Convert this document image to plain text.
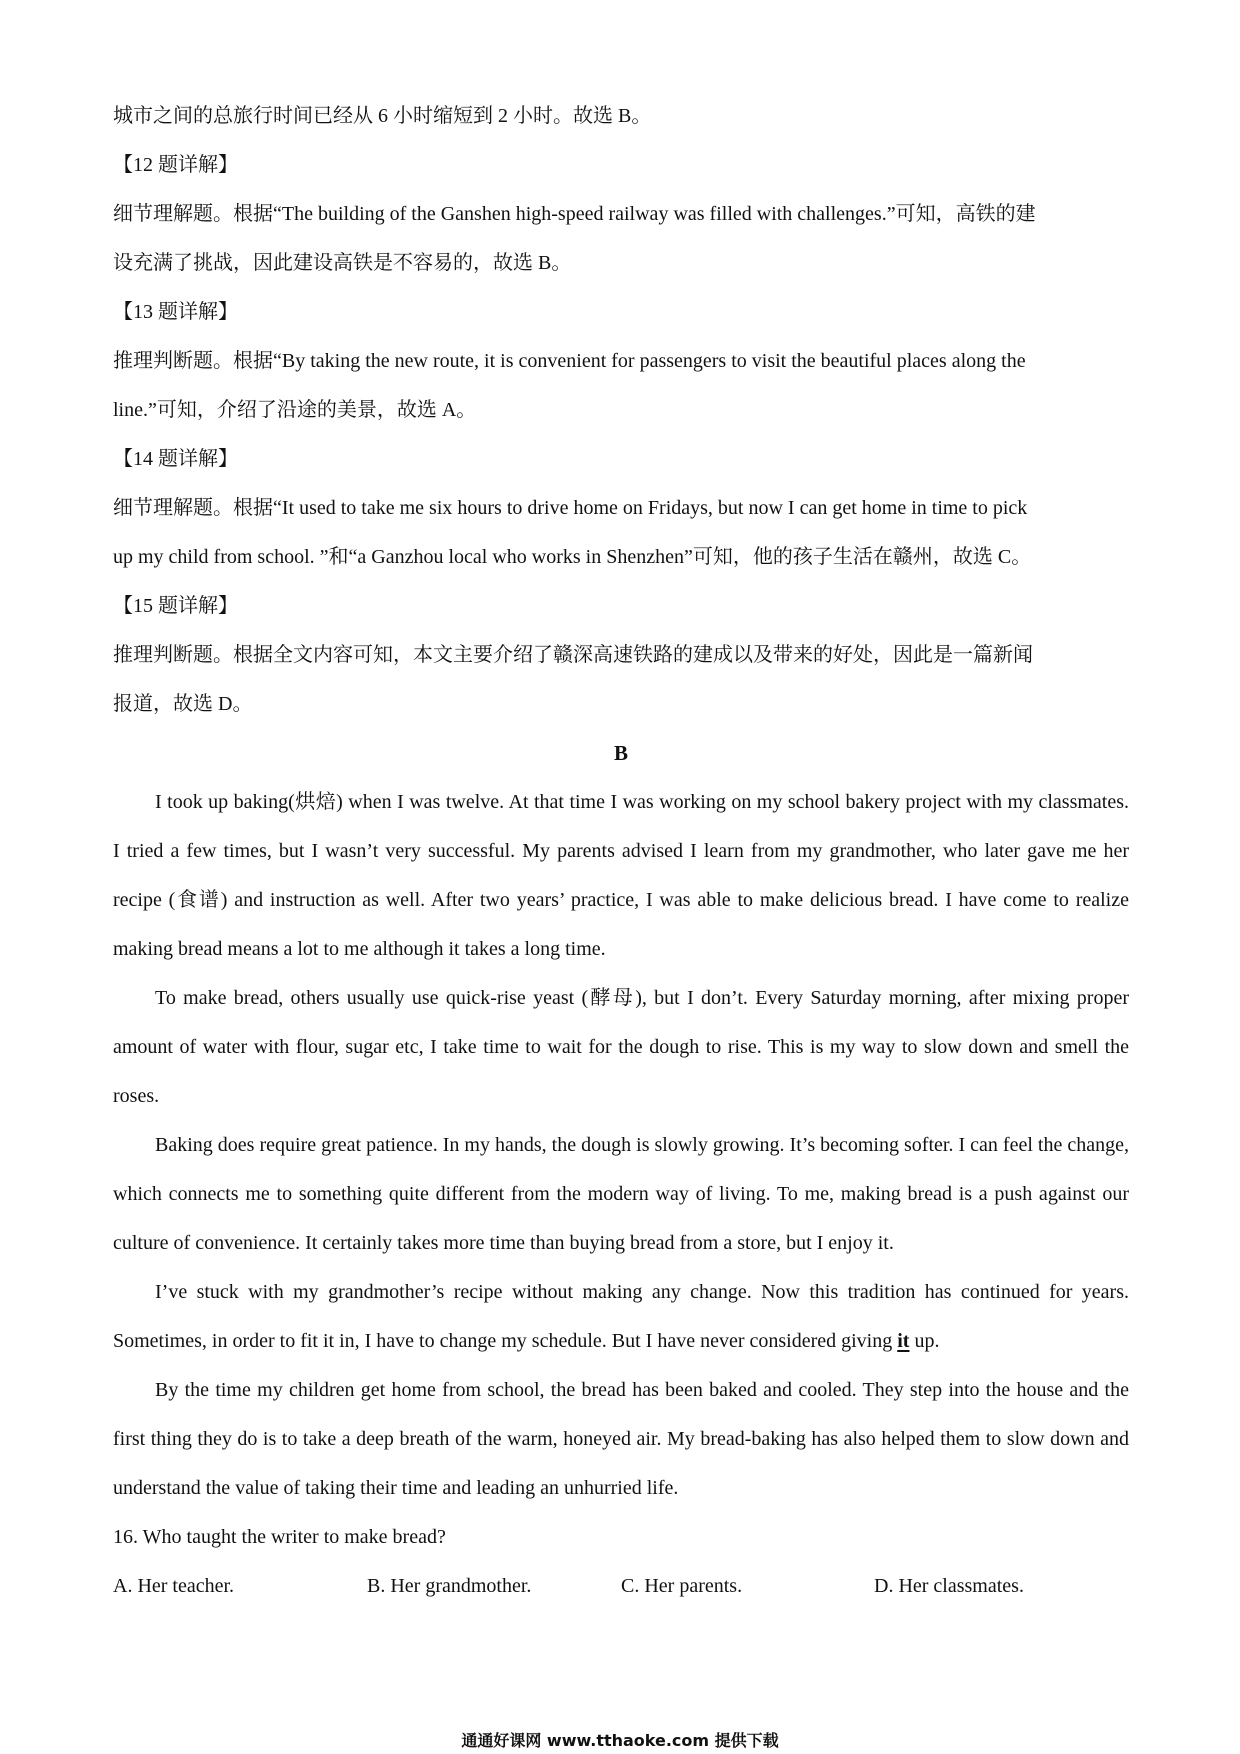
城市之间的总旅行时间已经从 6 小时缩短到 2 小时。故选 B。

【12 题详解】

细节理解题。根据“The building of the Ganshen high-speed railway was filled with challenges.”可知，高铁的建

设充满了挑战，因此建设高铁是不容易的，故选 B。

【13 题详解】

推理判断题。根据“By taking the new route, it is convenient for passengers to visit the beautiful places along the

line.”可知，介绍了沿途的美景，故选 A。

【14 题详解】

细节理解题。根据“It used to take me six hours to drive home on Fridays, but now I can get home in time to pick

up my child from school. ”和“a Ganzhou local who works in Shenzhen”可知，他的孩子生活在赣州，故选 C。

【15 题详解】

推理判断题。根据全文内容可知，本文主要介绍了赣深高速铁路的建成以及带来的好处，因此是一篇新闻

报道，故选 D。

B

I took up baking(烘焙) when I was twelve. At that time I was working on my school bakery project with my classmates. I tried a few times, but I wasn’t very successful. My parents advised I learn from my grandmother, who later gave me her recipe (食谱) and instruction as well. After two years’ practice, I was able to make delicious bread. I have come to realize making bread means a lot to me although it takes a long time.

To make bread, others usually use quick-rise yeast (酵母), but I don’t. Every Saturday morning, after mixing proper amount of water with flour, sugar etc, I take time to wait for the dough to rise. This is my way to slow down and smell the roses.

Baking does require great patience. In my hands, the dough is slowly growing. It’s becoming softer. I can feel the change, which connects me to something quite different from the modern way of living. To me, making bread is a push against our culture of convenience. It certainly takes more time than buying bread from a store, but I enjoy it.

I’ve stuck with my grandmother’s recipe without making any change. Now this tradition has continued for years. Sometimes, in order to fit it in, I have to change my schedule. But I have never considered giving it up.

By the time my children get home from school, the bread has been baked and cooled. They step into the house and the first thing they do is to take a deep breath of the warm, honeyed air. My bread-baking has also helped them to slow down and understand the value of taking their time and leading an unhurried life.

16. Who taught the writer to make bread?

A. Her teacher.	B. Her grandmother.	C. Her parents.	D. Her classmates.
通通好课网 www.tthaoke.com 提供下载
